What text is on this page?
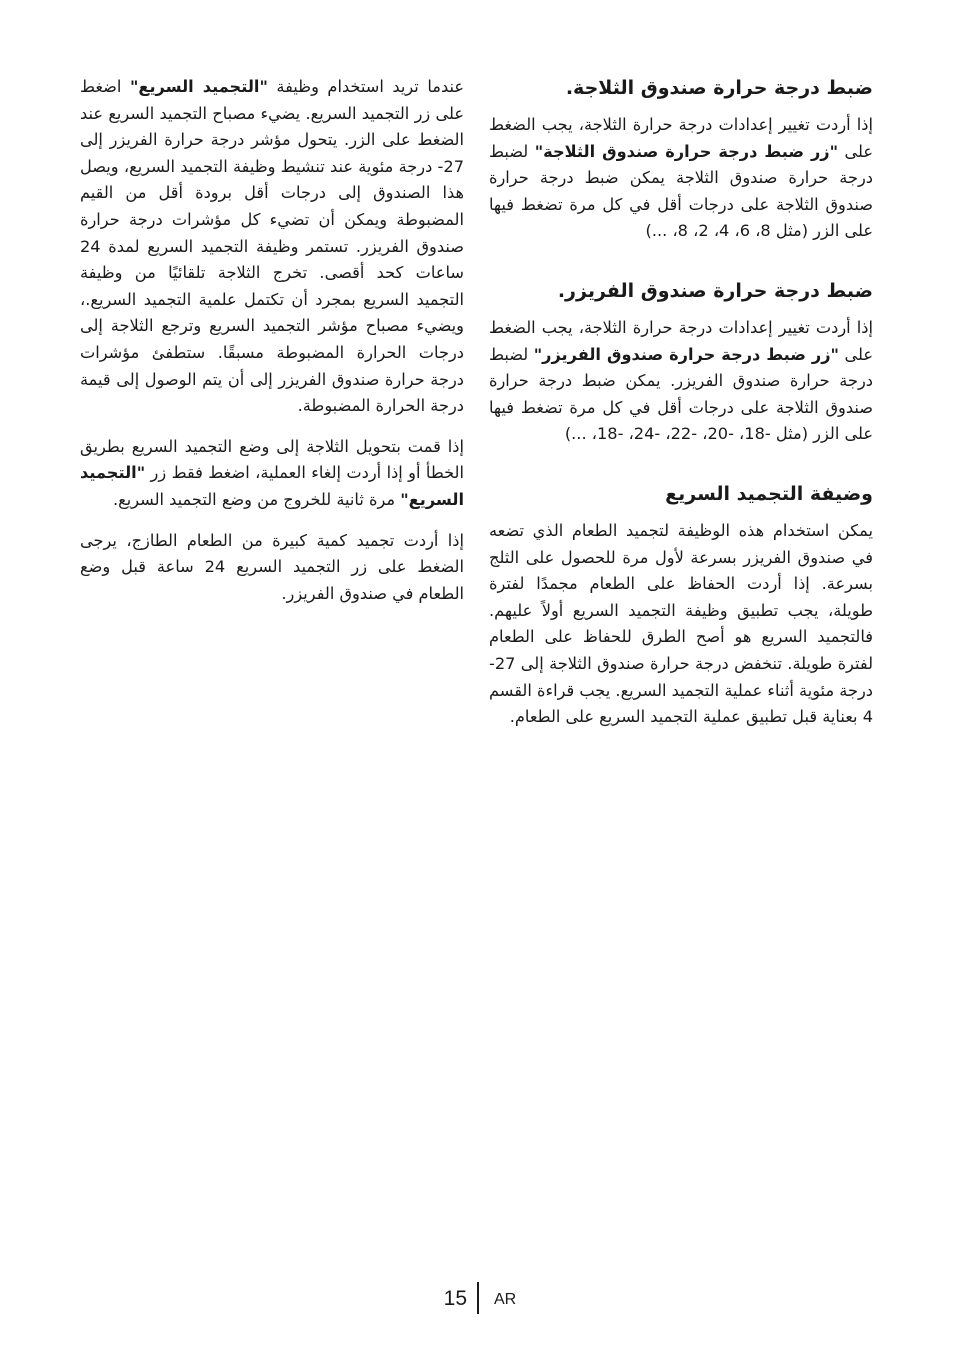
ضبط درجة حرارة صندوق الثلاجة.

إذا أردت تغيير إعدادات درجة حرارة الثلاجة، يجب الضغط على "زر ضبط درجة حرارة صندوق الثلاجة" لضبط درجة حرارة صندوق الثلاجة يمكن ضبط درجة حرارة صندوق الثلاجة على درجات أقل في كل مرة تضغط فيها على الزر (مثل 8، 6، 4، 2، 8، ...)

ضبط درجة حرارة صندوق الفريزر.

إذا أردت تغيير إعدادات درجة حرارة الثلاجة، يجب الضغط على "زر ضبط درجة حرارة صندوق الفريزر" لضبط درجة حرارة صندوق الفريزر. يمكن ضبط درجة حرارة صندوق الثلاجة على درجات أقل في كل مرة تضغط فيها على الزر (مثل -18، -20، -22، -24، -18، ...)

وضيفة التجميد السريع

يمكن استخدام هذه الوظيفة لتجميد الطعام الذي تضعه في صندوق الفريزر بسرعة لأول مرة للحصول على الثلج بسرعة. إذا أردت الحفاظ على الطعام مجمدًا لفترة طويلة، يجب تطبيق وظيفة التجميد السريع أولاً عليهم. فالتجميد السريع هو أصح الطرق للحفاظ على الطعام لفترة طويلة. تنخفض درجة حرارة صندوق الثلاجة إلى 27- درجة مئوية أثناء عملية التجميد السريع. يجب قراءة القسم 4 بعناية قبل تطبيق عملية التجميد السريع على الطعام.

عندما تريد استخدام وظيفة "التجميد السريع" اضغط على زر التجميد السريع. يضيء مصباح التجميد السريع عند الضغط على الزر. يتحول مؤشر درجة حرارة الفريزر إلى 27- درجة مئوية عند تنشيط وظيفة التجميد السريع، ويصل هذا الصندوق إلى درجات أقل برودة أقل من القيم المضبوطة ويمكن أن تضيء كل مؤشرات درجة حرارة صندوق الفريزر. تستمر وظيفة التجميد السريع لمدة 24 ساعات كحد أقصى. تخرج الثلاجة تلقائيًا من وظيفة التجميد السريع بمجرد أن تكتمل علمية التجميد السريع.، ويضيء مصباح مؤشر التجميد السريع وترجع الثلاجة إلى درجات الحرارة المضبوطة مسبقًا. ستطفئ مؤشرات درجة حرارة صندوق الفريزر إلى أن يتم الوصول إلى قيمة درجة الحرارة المضبوطة.

إذا قمت بتحويل الثلاجة إلى وضع التجميد السريع بطريق الخطأ أو إذا أردت إلغاء العملية، اضغط فقط زر "التجميد السريع" مرة ثانية للخروج من وضع التجميد السريع.

إذا أردت تجميد كمية كبيرة من الطعام الطازج، يرجى الضغط على زر التجميد السريع 24 ساعة قبل وضع الطعام في صندوق الفريزر.

15 AR
